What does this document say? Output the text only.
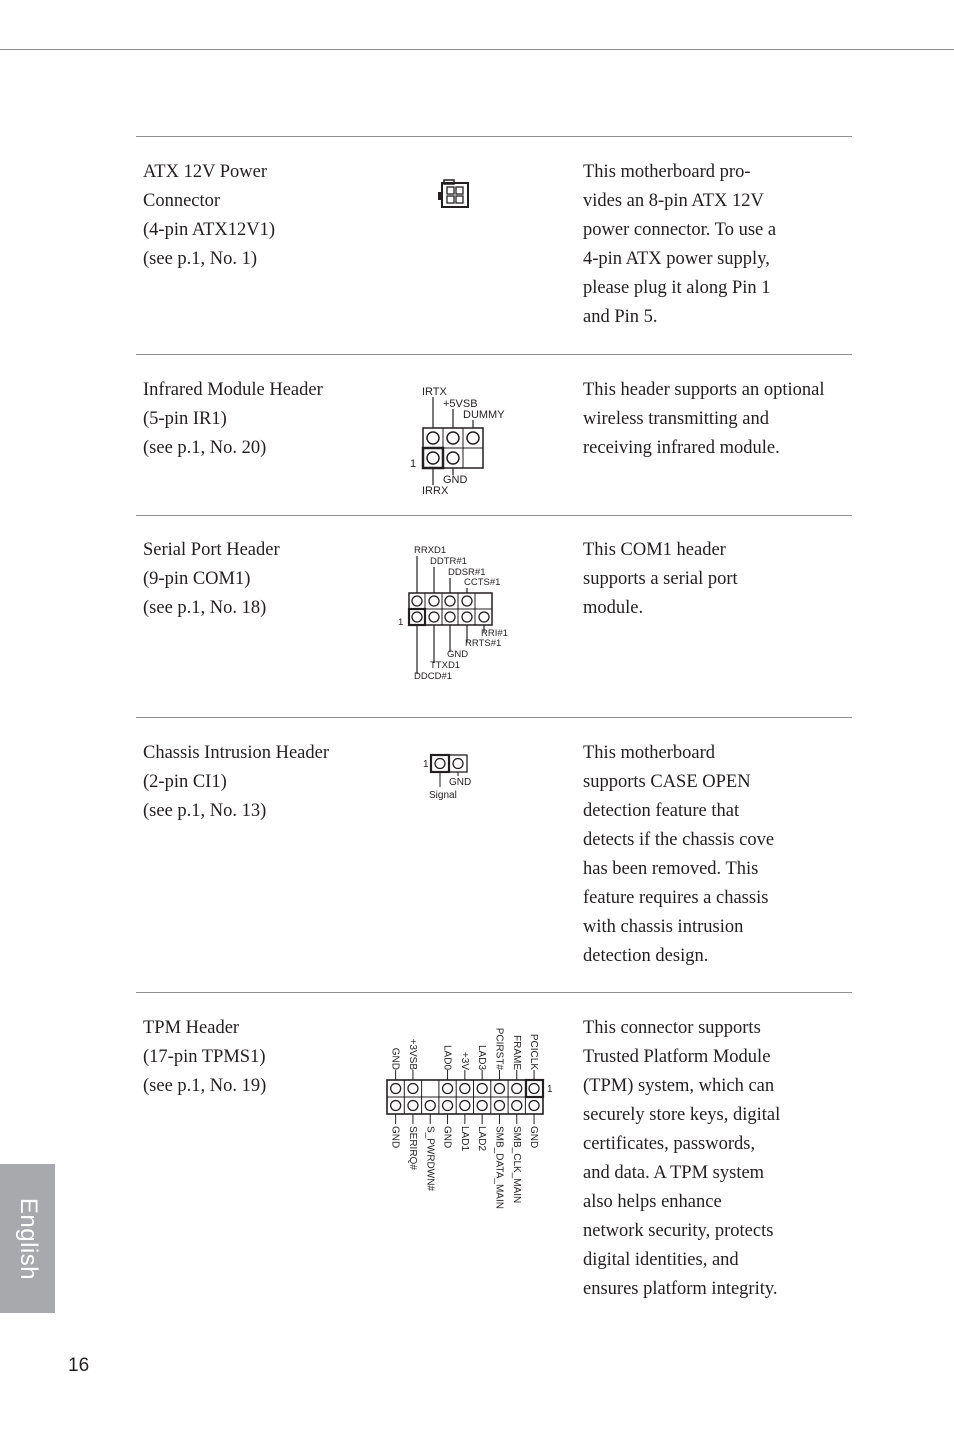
ATX 12V Power
Connector
(4-pin ATX12V1)
(see p.1, No. 1)

This motherboard pro-
vides an 8-pin ATX 12V
power connector. To use a
4-pin ATX power supply,
please plug it along Pin 1
and Pin 5.

Infrared Module Header
(5-pin IR1)
(see p.1, No. 20)

IRTX
+5VSB
DUMMY
1
GND
IRRX

This header supports an optional
wireless transmitting and
receiving infrared module.

Serial Port Header
(9-pin COM1)
(see p.1, No. 18)

RRXD1
DDTR#1
DDSR#1
CCTS#1
1
RRI#1
RRTS#1
GND
TTXD1
DDCD#1

This COM1 header
supports a serial port
module.

Chassis Intrusion Header
(2-pin CI1)
(see p.1, No. 13)

1
GND
Signal

This motherboard
supports CASE OPEN
detection feature that
detects if the chassis cove
has been removed. This
feature requires a chassis
with chassis intrusion
detection design.

TPM Header
(17-pin TPMS1)
(see p.1, No. 19)	1
GND
GND
+3VSB
SERIRQ# S_PWRDWN#
LAD0
GND
+3V
LAD1
LAD3
LAD2
PCIRST#
SMB_DATA_MAIN
FRAME
SMB_CLK_MAIN
PCICLK
GND

This connector supports
Trusted Platform Module
(TPM) system, which can
securely store keys, digital
certificates, passwords,
and data. A TPM system
also helps enhance
network security, protects
digital identities, and
ensures platform integrity.

English
16
